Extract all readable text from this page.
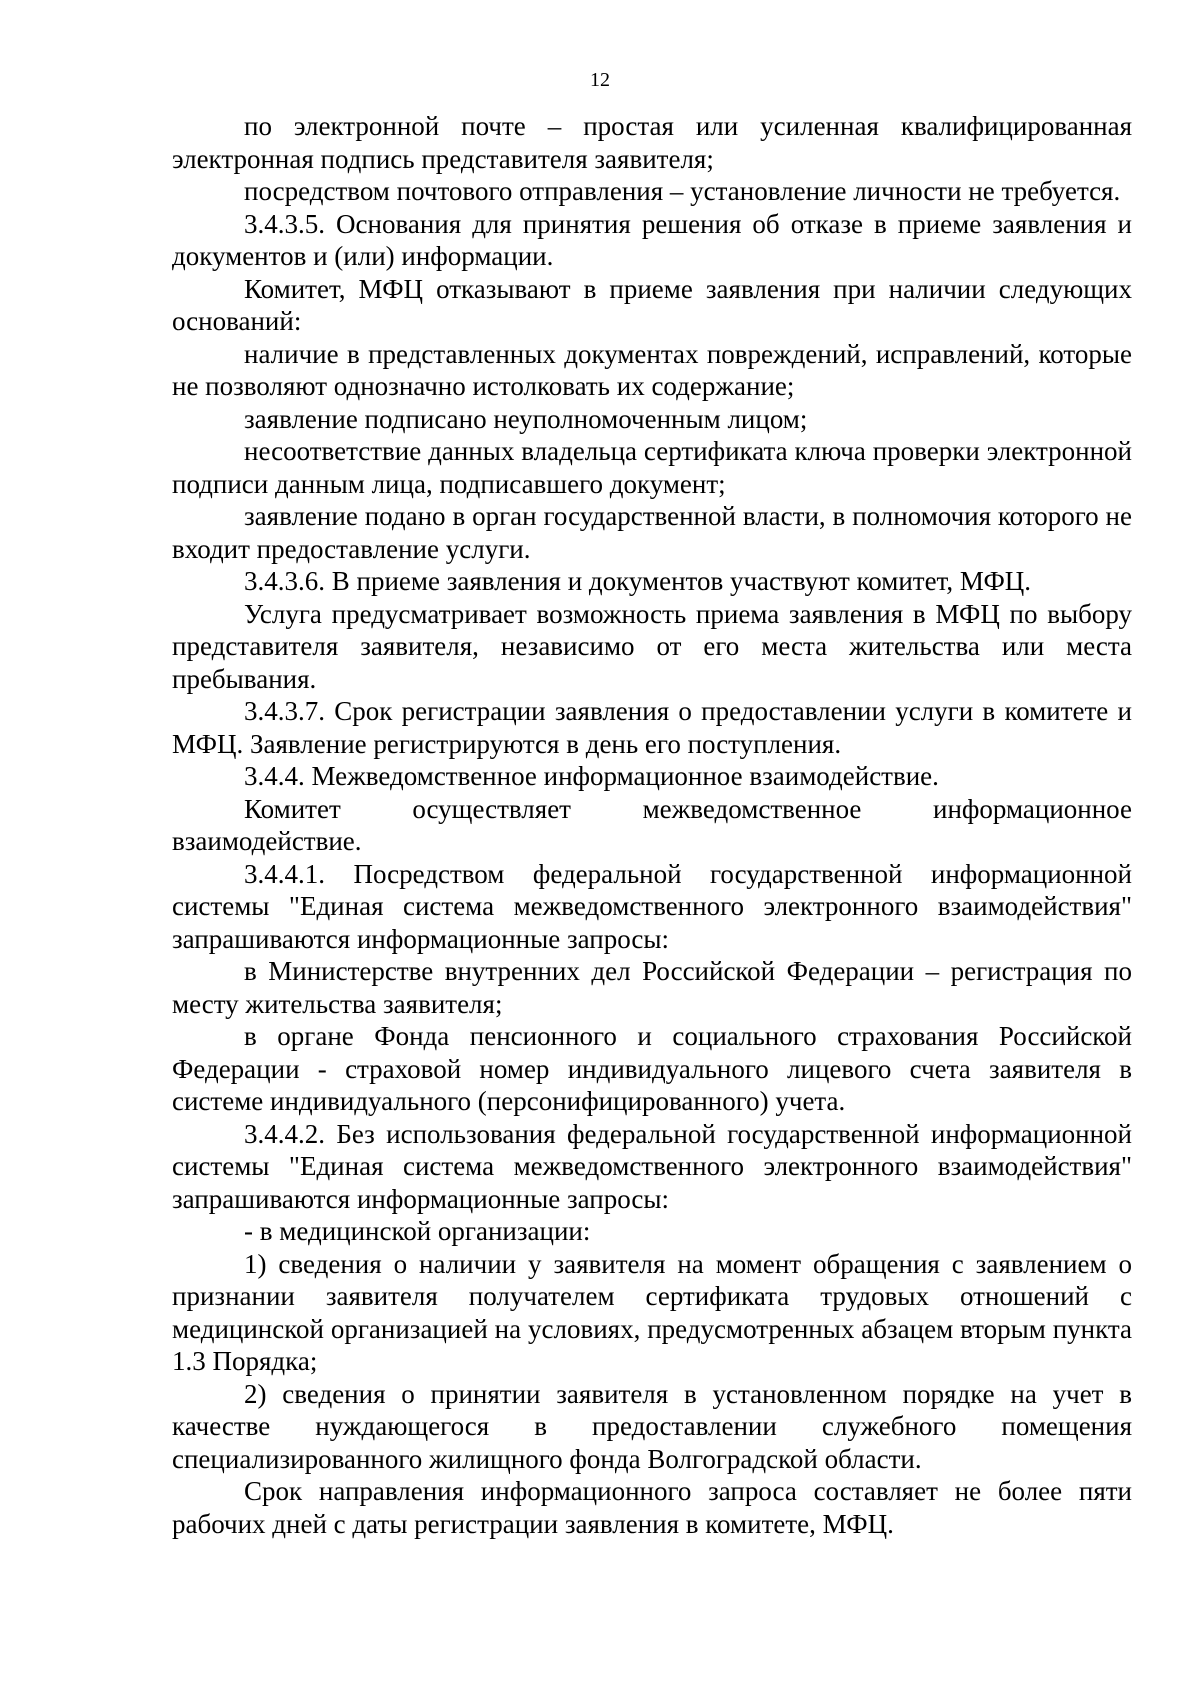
12

по электронной почте – простая или усиленная квалифицированная электронная подпись представителя заявителя;

посредством почтового отправления – установление личности не требуется.

3.4.3.5. Основания для принятия решения об отказе в приеме заявления и документов и (или) информации.

Комитет, МФЦ отказывают в приеме заявления при наличии следующих оснований:

наличие в представленных документах повреждений, исправлений, которые не позволяют однозначно истолковать их содержание;

заявление подписано неуполномоченным лицом;

несоответствие данных владельца сертификата ключа проверки электронной подписи данным лица, подписавшего документ;

заявление подано в орган государственной власти, в полномочия которого не входит предоставление услуги.

3.4.3.6. В приеме заявления и документов участвуют комитет, МФЦ.

Услуга предусматривает возможность приема заявления в МФЦ по выбору представителя заявителя, независимо от его места жительства или места пребывания.

3.4.3.7. Срок регистрации заявления о предоставлении услуги в комитете и МФЦ. Заявление регистрируются в день его поступления.

3.4.4. Межведомственное информационное взаимодействие.

Комитет осуществляет межведомственное информационное взаимодействие.

3.4.4.1. Посредством федеральной государственной информационной системы "Единая система межведомственного электронного взаимодействия" запрашиваются информационные запросы:

в Министерстве внутренних дел Российской Федерации – регистрация по месту жительства заявителя;

в органе Фонда пенсионного и социального страхования Российской Федерации - страховой номер индивидуального лицевого счета заявителя в системе индивидуального (персонифицированного) учета.

3.4.4.2. Без использования федеральной государственной информационной системы "Единая система межведомственного электронного взаимодействия" запрашиваются информационные запросы:

- в медицинской организации:

1) сведения о наличии у заявителя на момент обращения с заявлением о признании заявителя получателем сертификата трудовых отношений с медицинской организацией на условиях, предусмотренных абзацем вторым пункта 1.3 Порядка;

2) сведения о принятии заявителя в установленном порядке на учет в качестве нуждающегося в предоставлении служебного помещения специализированного жилищного фонда Волгоградской области.

Срок направления информационного запроса составляет не более пяти рабочих дней с даты регистрации заявления в комитете, МФЦ.
